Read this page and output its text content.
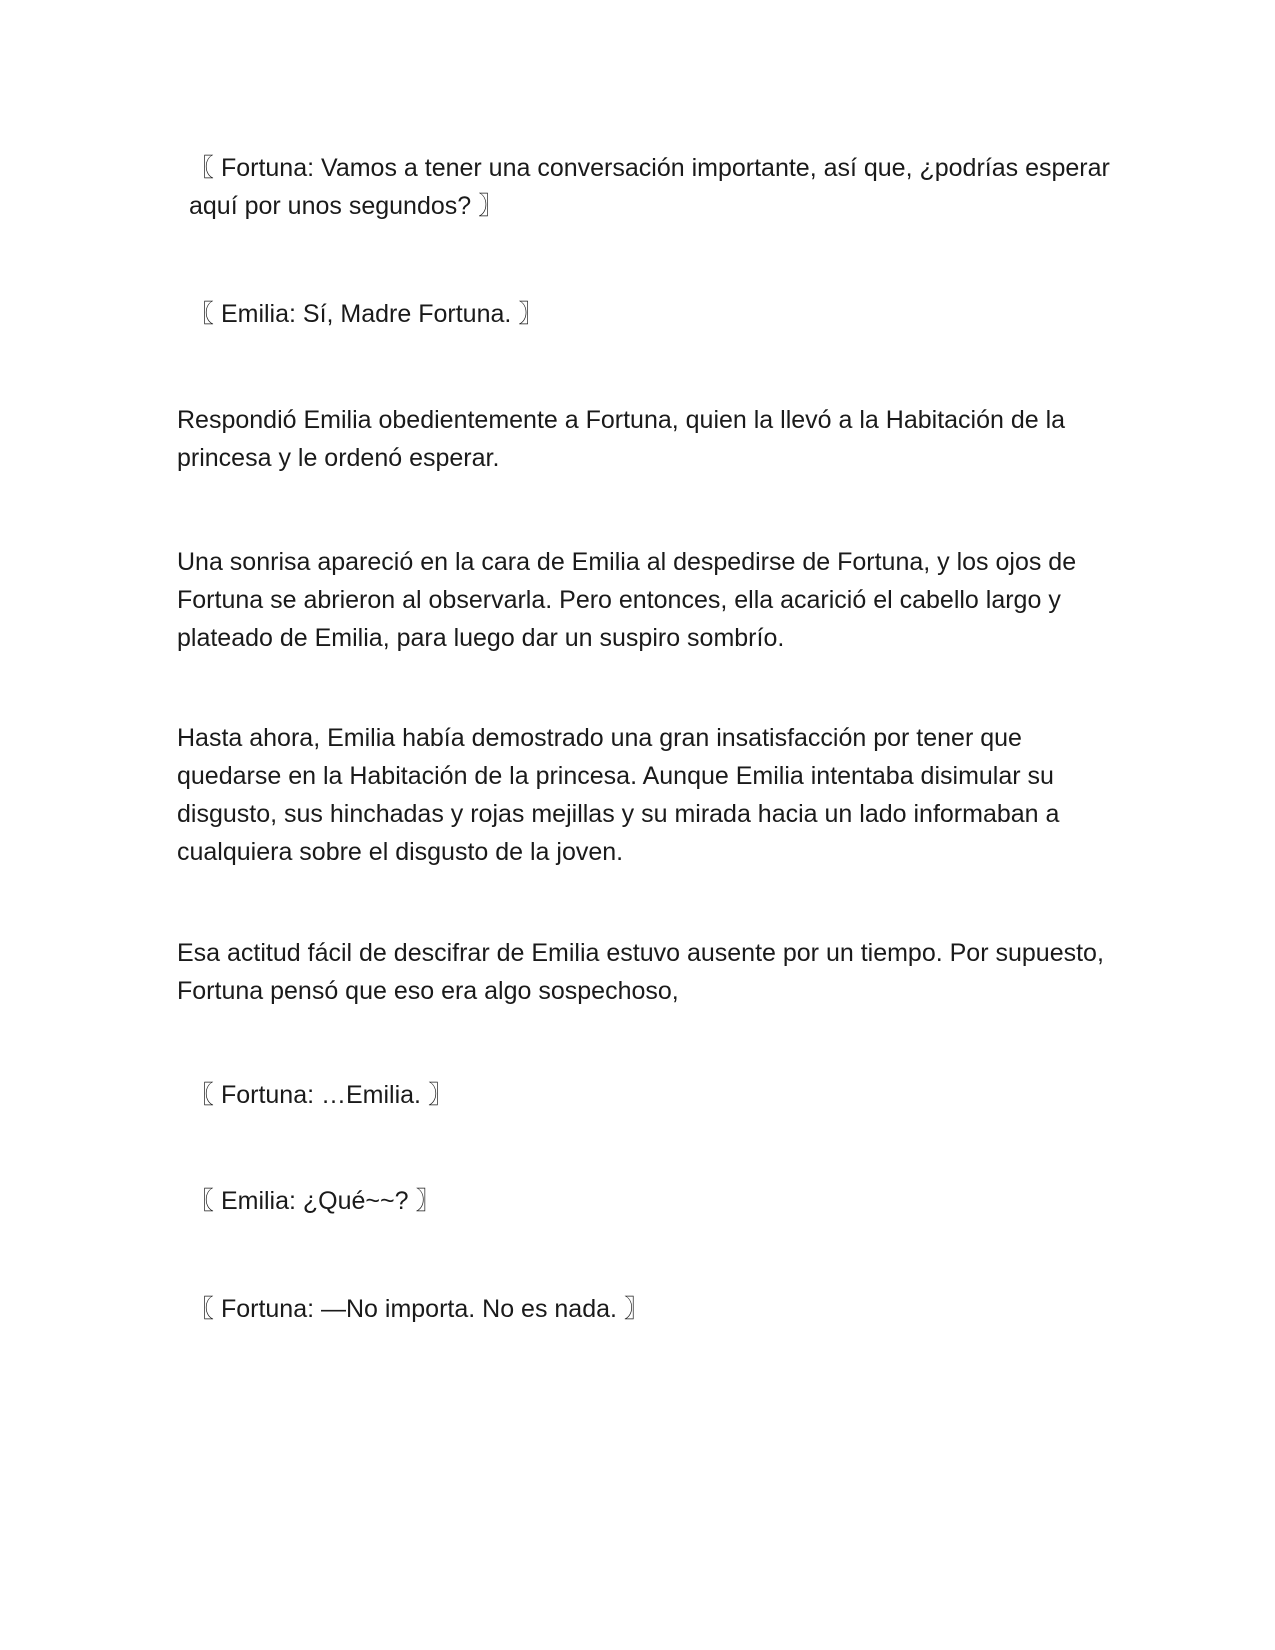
〖 Fortuna: Vamos a tener una conversación importante, así que, ¿podrías esperar aquí por unos segundos? 〗

〖 Emilia: Sí, Madre Fortuna. 〗

Respondió Emilia obedientemente a Fortuna, quien la llevó a la Habitación de la princesa y le ordenó esperar.

Una sonrisa apareció en la cara de Emilia al despedirse de Fortuna, y los ojos de Fortuna se abrieron al observarla. Pero entonces, ella acarició el cabello largo y plateado de Emilia, para luego dar un suspiro sombrío.

Hasta ahora, Emilia había demostrado una gran insatisfacción por tener que quedarse en la Habitación de la princesa. Aunque Emilia intentaba disimular su disgusto, sus hinchadas y rojas mejillas y su mirada hacia un lado informaban a cualquiera sobre el disgusto de la joven.

Esa actitud fácil de descifrar de Emilia estuvo ausente por un tiempo. Por supuesto, Fortuna pensó que eso era algo sospechoso,

〖 Fortuna: …Emilia. 〗

〖 Emilia: ¿Qué~~? 〗

〖 Fortuna: —No importa. No es nada. 〗
